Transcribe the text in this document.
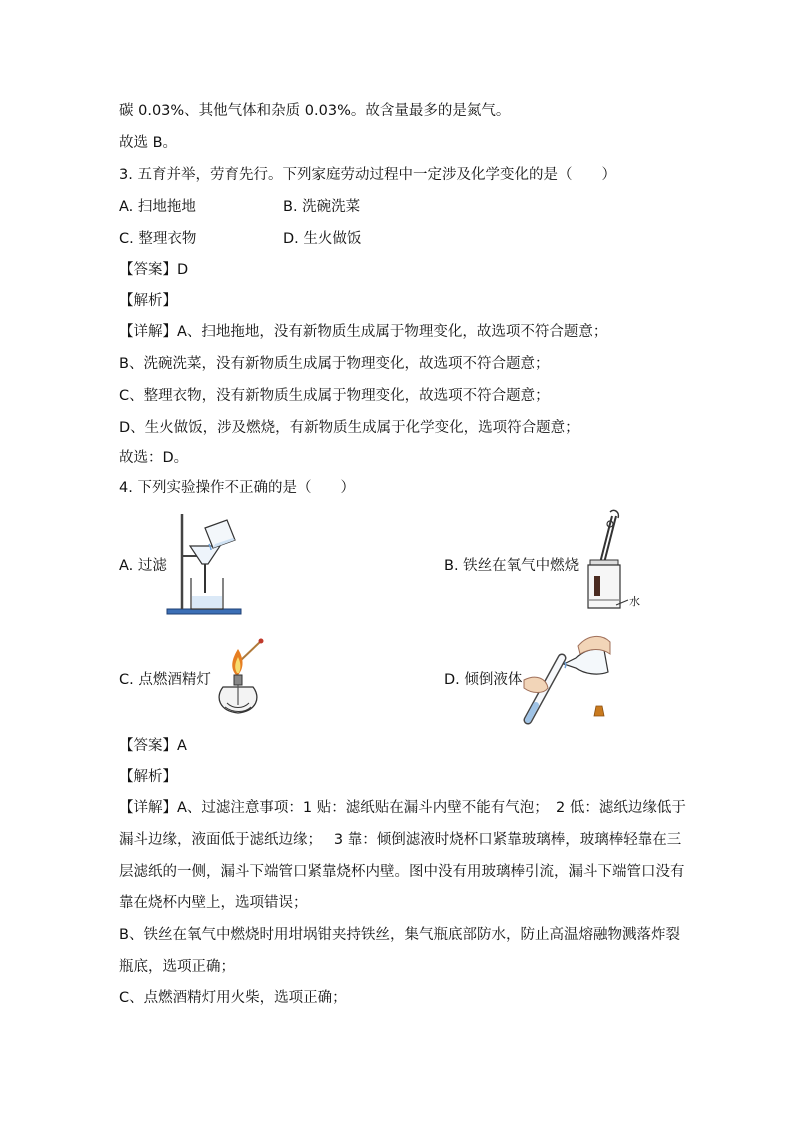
碳 0.03%、其他气体和杂质 0.03%。故含量最多的是氮气。
故选 B。
3. 五育并举，劳育先行。下列家庭劳动过程中一定涉及化学变化的是（　　）
A. 扫地拖地	B. 洗碗洗菜
C. 整理衣物	D. 生火做饭
【答案】D
【解析】
【详解】A、扫地拖地，没有新物质生成属于物理变化，故选项不符合题意；
B、洗碗洗菜，没有新物质生成属于物理变化，故选项不符合题意；
C、整理衣物，没有新物质生成属于物理变化，故选项不符合题意；
D、生火做饭，涉及燃烧，有新物质生成属于化学变化，选项符合题意；
故选：D。
4. 下列实验操作不正确的是（　　）
A. 过滤	B. 铁丝在氧气中燃烧
C. 点燃酒精灯	D. 倾倒液体
水
【答案】A
【解析】
【详解】A、过滤注意事项：1 贴：滤纸贴在漏斗内壁不能有气泡；　2 低：滤纸边缘低于
漏斗边缘，液面低于滤纸边缘；　 3 靠：倾倒滤液时烧杯口紧靠玻璃棒，玻璃棒轻靠在三
层滤纸的一侧，漏斗下端管口紧靠烧杯内壁。图中没有用玻璃棒引流，漏斗下端管口没有
靠在烧杯内壁上，选项错误；
B、铁丝在氧气中燃烧时用坩埚钳夹持铁丝，集气瓶底部防水，防止高温熔融物溅落炸裂
瓶底，选项正确；
C、点燃酒精灯用火柴，选项正确；
